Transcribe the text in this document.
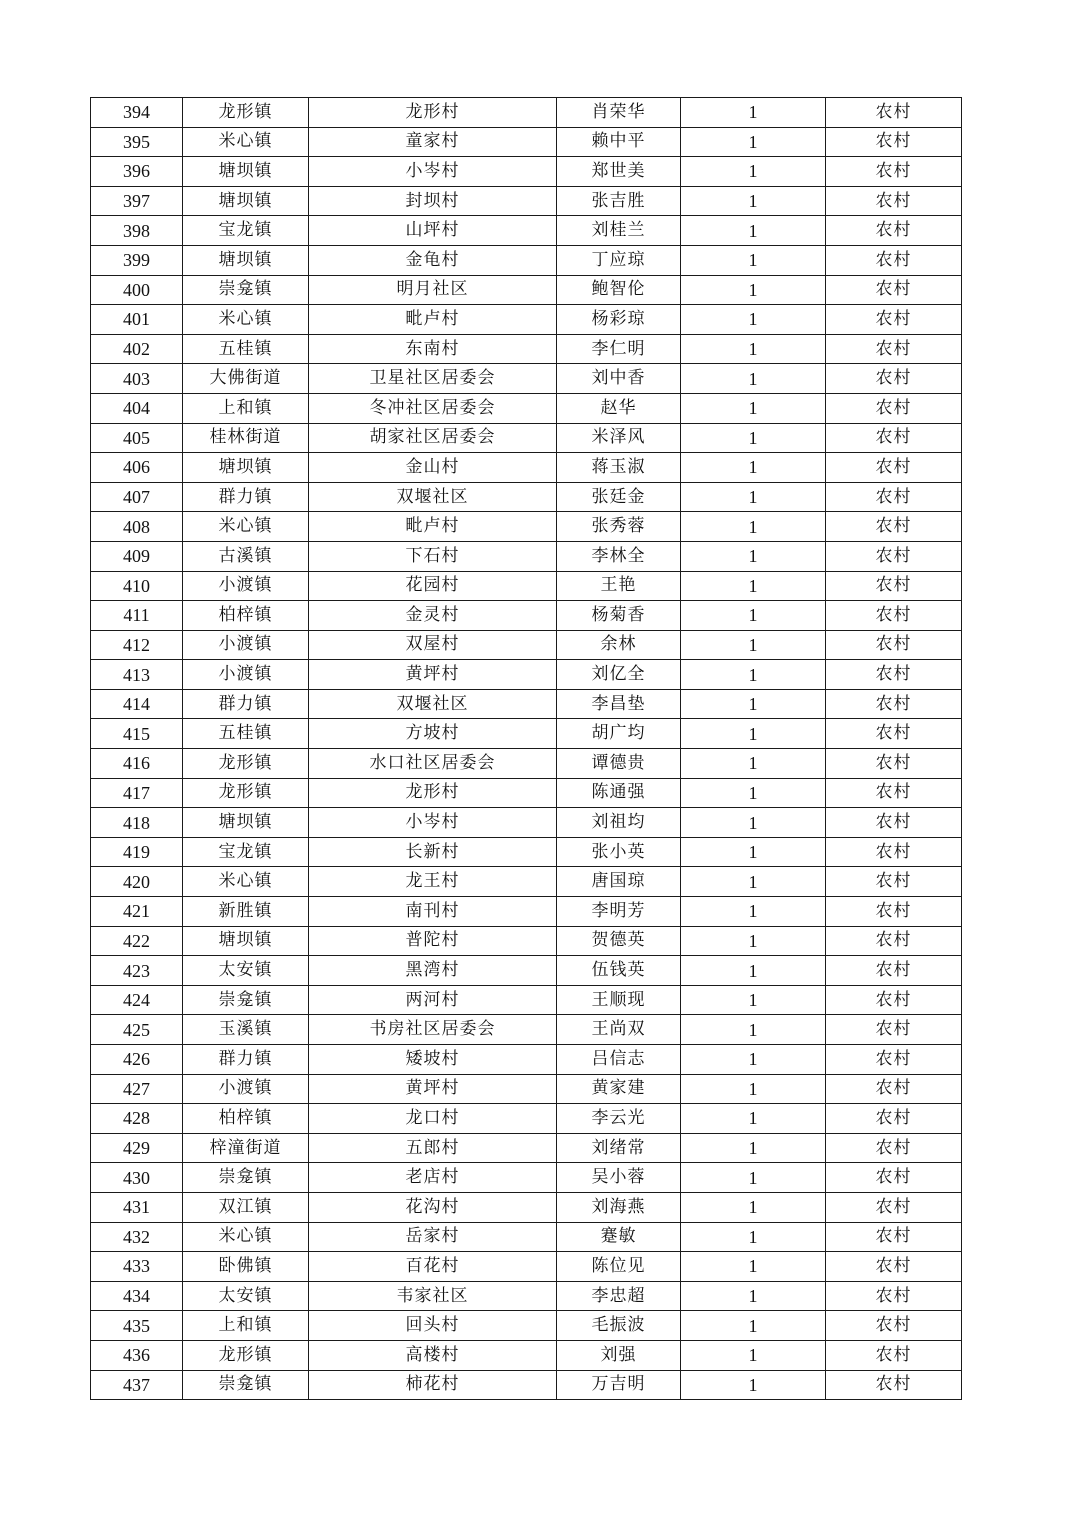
394	龙形镇	龙形村	肖荣华	1	农村
395	米心镇	童家村	赖中平	1	农村
396	塘坝镇	小岑村	郑世美	1	农村
397	塘坝镇	封坝村	张吉胜	1	农村
398	宝龙镇	山坪村	刘桂兰	1	农村
399	塘坝镇	金龟村	丁应琼	1	农村
400	崇龛镇	明月社区	鲍智伦	1	农村
401	米心镇	毗卢村	杨彩琼	1	农村
402	五桂镇	东南村	李仁明	1	农村
403	大佛街道	卫星社区居委会	刘中香	1	农村
404	上和镇	冬冲社区居委会	赵华	1	农村
405	桂林街道	胡家社区居委会	米泽风	1	农村
406	塘坝镇	金山村	蒋玉淑	1	农村
407	群力镇	双堰社区	张廷金	1	农村
408	米心镇	毗卢村	张秀蓉	1	农村
409	古溪镇	下石村	李林全	1	农村
410	小渡镇	花园村	王艳	1	农村
411	柏梓镇	金灵村	杨菊香	1	农村
412	小渡镇	双屋村	余林	1	农村
413	小渡镇	黄坪村	刘亿全	1	农村
414	群力镇	双堰社区	李昌垫	1	农村
415	五桂镇	方坡村	胡广均	1	农村
416	龙形镇	水口社区居委会	谭德贵	1	农村
417	龙形镇	龙形村	陈通强	1	农村
418	塘坝镇	小岑村	刘祖均	1	农村
419	宝龙镇	长新村	张小英	1	农村
420	米心镇	龙王村	唐国琼	1	农村
421	新胜镇	南刊村	李明芳	1	农村
422	塘坝镇	普陀村	贺德英	1	农村
423	太安镇	黑湾村	伍钱英	1	农村
424	崇龛镇	两河村	王顺现	1	农村
425	玉溪镇	书房社区居委会	王尚双	1	农村
426	群力镇	矮坡村	吕信志	1	农村
427	小渡镇	黄坪村	黄家建	1	农村
428	柏梓镇	龙口村	李云光	1	农村
429	梓潼街道	五郎村	刘绪常	1	农村
430	崇龛镇	老店村	吴小蓉	1	农村
431	双江镇	花沟村	刘海燕	1	农村
432	米心镇	岳家村	蹇敏	1	农村
433	卧佛镇	百花村	陈位见	1	农村
434	太安镇	韦家社区	李忠超	1	农村
435	上和镇	回头村	毛振波	1	农村
436	龙形镇	高楼村	刘强	1	农村
437	崇龛镇	柿花村	万吉明	1	农村
